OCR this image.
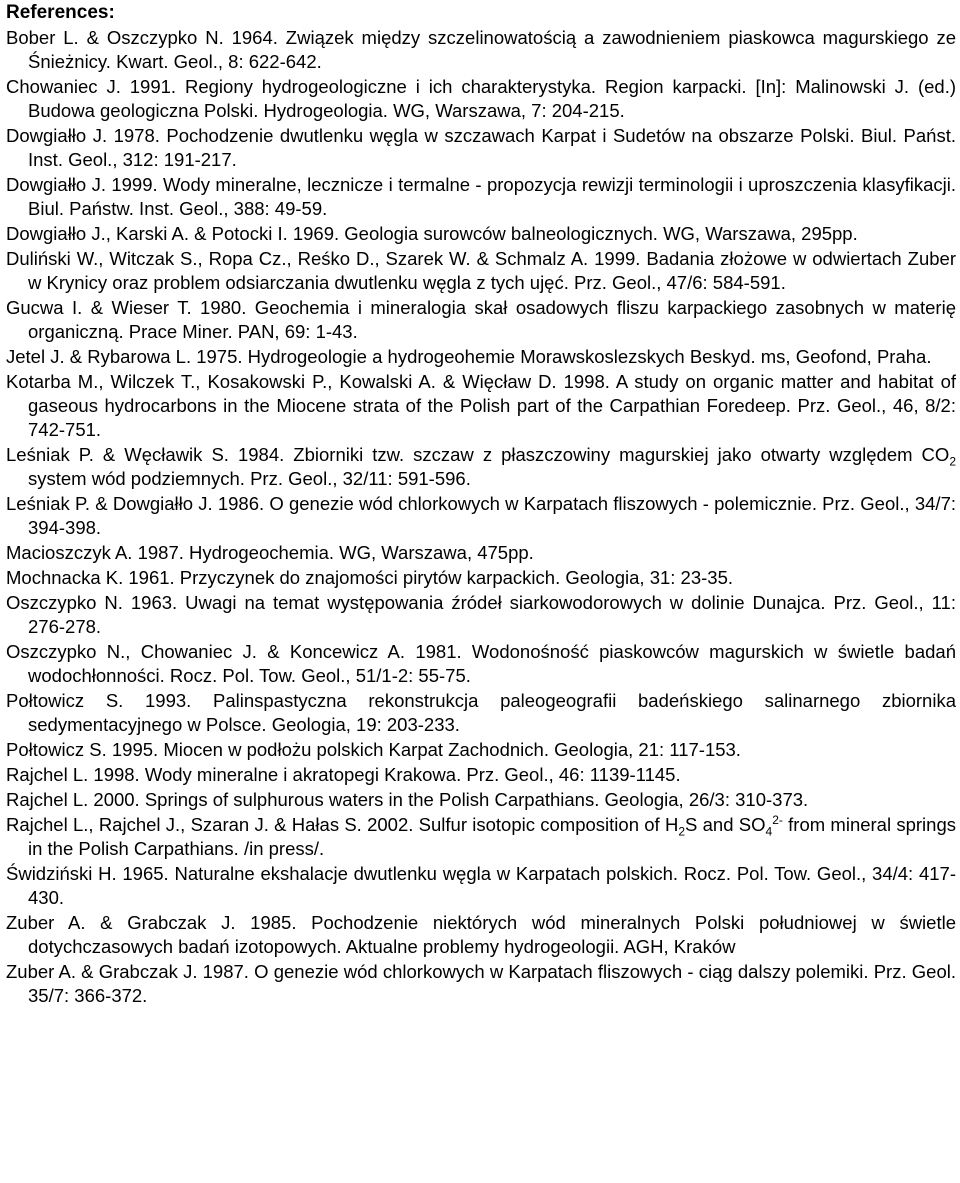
References:
Bober L. & Oszczypko N. 1964. Związek między szczelinowatością a zawodnieniem piaskowca magurskiego ze Śnieżnicy. Kwart. Geol., 8: 622-642.
Chowaniec J. 1991. Regiony hydrogeologiczne i ich charakterystyka. Region karpacki. [In]: Malinowski J. (ed.) Budowa geologiczna Polski. Hydrogeologia. WG, Warszawa, 7: 204-215.
Dowgiałło J. 1978. Pochodzenie dwutlenku węgla w szczawach Karpat i Sudetów na obszarze Polski. Biul. Państ. Inst. Geol., 312: 191-217.
Dowgiałło J. 1999. Wody mineralne, lecznicze i termalne - propozycja rewizji terminologii i uproszczenia klasyfikacji. Biul. Państw. Inst. Geol., 388: 49-59.
Dowgiałło J., Karski A. & Potocki I. 1969. Geologia surowców balneologicznych. WG, Warszawa, 295pp.
Duliński W., Witczak S., Ropa Cz., Reśko D., Szarek W. & Schmalz A. 1999. Badania złożowe w odwiertach Zuber w Krynicy oraz problem odsiarczania dwutlenku węgla z tych ujęć. Prz. Geol., 47/6: 584-591.
Gucwa I. & Wieser T. 1980. Geochemia i mineralogia skał osadowych fliszu karpackiego zasobnych w materię organiczną. Prace Miner. PAN, 69: 1-43.
Jetel J. & Rybarowa L. 1975. Hydrogeologie a hydrogeohemie Morawskoslezskych Beskyd. ms, Geofond, Praha.
Kotarba M., Wilczek T., Kosakowski P., Kowalski A. & Więcław D. 1998. A study on organic matter and habitat of gaseous hydrocarbons in the Miocene strata of the Polish part of the Carpathian Foredeep. Prz. Geol., 46, 8/2: 742-751.
Leśniak P. & Węcławik S. 1984. Zbiorniki tzw. szczaw z płaszczowiny magurskiej jako otwarty względem $CO_2$ system wód podziemnych. Prz. Geol., 32/11: 591-596.
Leśniak P. & Dowgiałło J. 1986. O genezie wód chlorkowych w Karpatach fliszowych - polemicznie. Prz. Geol., 34/7: 394-398.
Macioszczyk A. 1987. Hydrogeochemia. WG, Warszawa, 475pp.
Mochnacka K. 1961. Przyczynek do znajomości pirytów karpackich. Geologia, 31: 23-35.
Oszczypko N. 1963. Uwagi na temat występowania źródeł siarkowodorowych w dolinie Dunajca. Prz. Geol., 11: 276-278.
Oszczypko N., Chowaniec J. & Koncewicz A. 1981. Wodonośność piaskowców magurskich w świetle badań wodochłonności. Rocz. Pol. Tow. Geol., 51/1-2: 55-75.
Połtowicz S. 1993. Palinspastyczna rekonstrukcja paleogeografii badeńskiego salinarnego zbiornika sedymentacyjnego w Polsce. Geologia, 19: 203-233.
Połtowicz S. 1995. Miocen w podłożu polskich Karpat Zachodnich. Geologia, 21: 117-153.
Rajchel L. 1998. Wody mineralne i akratopegi Krakowa. Prz. Geol., 46: 1139-1145.
Rajchel L. 2000. Springs of sulphurous waters in the Polish Carpathians. Geologia, 26/3: 310-373.
Rajchel L., Rajchel J., Szaran J. & Hałas S. 2002. Sulfur isotopic composition of $H_2S$ and $SO_4^{2-}$ from mineral springs in the Polish Carpathians. /in press/.
Świdziński H. 1965. Naturalne ekshalacje dwutlenku węgla w Karpatach polskich. Rocz. Pol. Tow. Geol., 34/4: 417-430.
Zuber A. & Grabczak J. 1985. Pochodzenie niektórych wód mineralnych Polski południowej w świetle dotychczasowych badań izotopowych. Aktualne problemy hydrogeologii. AGH, Kraków
Zuber A. & Grabczak J. 1987. O genezie wód chlorkowych w Karpatach fliszowych - ciąg dalszy polemiki. Prz. Geol. 35/7: 366-372.
